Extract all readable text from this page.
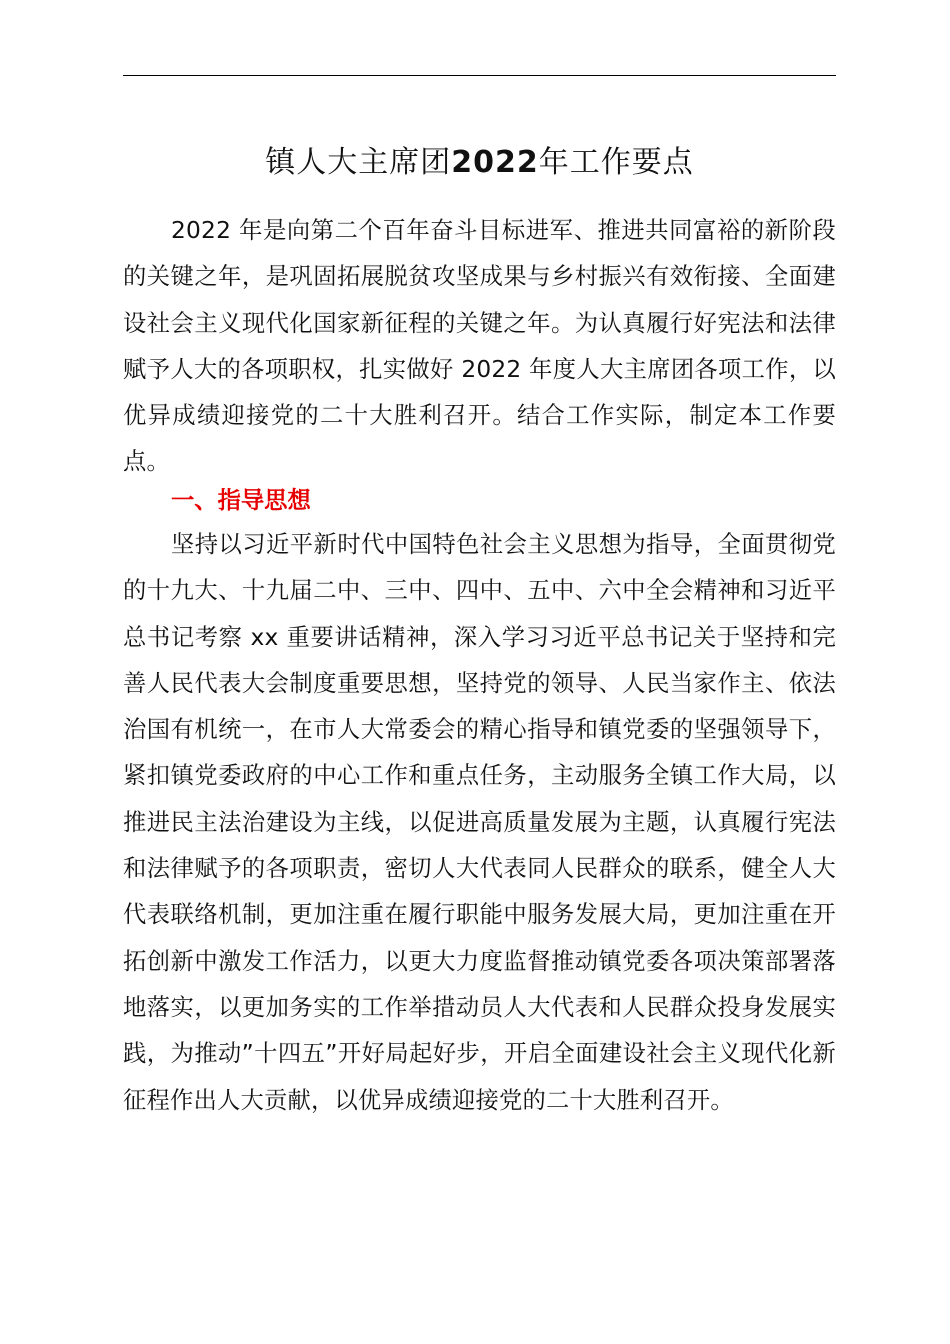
镇人大主席团2022年工作要点

2022 年是向第二个百年奋斗目标进军、推进共同富裕的新阶段的关键之年，是巩固拓展脱贫攻坚成果与乡村振兴有效衔接、全面建设社会主义现代化国家新征程的关键之年。为认真履行好宪法和法律赋予人大的各项职权，扎实做好 2022 年度人大主席团各项工作，以优异成绩迎接党的二十大胜利召开。结合工作实际，制定本工作要点。

一、指导思想

坚持以习近平新时代中国特色社会主义思想为指导，全面贯彻党的十九大、十九届二中、三中、四中、五中、六中全会精神和习近平总书记考察 xx 重要讲话精神，深入学习习近平总书记关于坚持和完善人民代表大会制度重要思想，坚持党的领导、人民当家作主、依法治国有机统一，在市人大常委会的精心指导和镇党委的坚强领导下，紧扣镇党委政府的中心工作和重点任务，主动服务全镇工作大局，以推进民主法治建设为主线，以促进高质量发展为主题，认真履行宪法和法律赋予的各项职责，密切人大代表同人民群众的联系，健全人大代表联络机制，更加注重在履行职能中服务发展大局，更加注重在开拓创新中激发工作活力，以更大力度监督推动镇党委各项决策部署落地落实，以更加务实的工作举措动员人大代表和人民群众投身发展实践，为推动”十四五”开好局起好步，开启全面建设社会主义现代化新征程作出人大贡献，以优异成绩迎接党的二十大胜利召开。
